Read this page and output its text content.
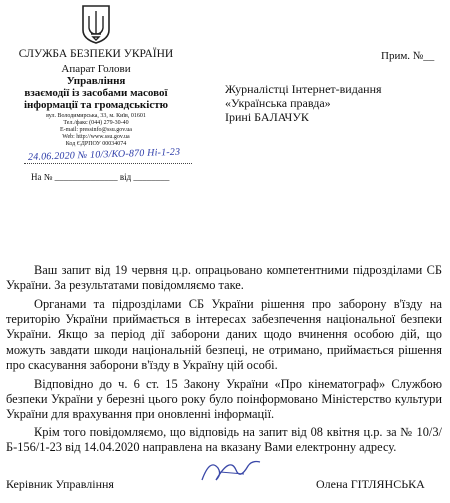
СЛУЖБА БЕЗПЕКИ УКРАЇНИ
Апарат Голови
Управління
взаємодії із засобами масової
інформації та громадськістю
вул. Володимирська, 33, м. Київ, 01601
Тел./факс (044) 279-30-40
E-mail: pressinfo@ssu.gov.ua
Web: http://www.ssu.gov.ua
Код ЄДРПОУ 00034074
24.06.2020 № 10/3/КО-870 Ні-1-23
На № ______________ від ________
Прим. №__
Журналістці Інтернет-видання
«Українська правда»
Ірині БАЛАЧУК
Ваш запит від 19 червня ц.р. опрацьовано компетентними підрозділами СБ України. За результатами повідомляємо таке.
Органами та підрозділами СБ України рішення про заборону в'їзду на територію України приймається в інтересах забезпечення національної безпеки України. Якщо за період дії заборони даних щодо вчинення особою дій, що можуть завдати шкоди національній безпеці, не отримано, приймається рішення про скасування заборони в'їзду в Україну цій особі.
Відповідно до ч. 6 ст. 15 Закону України «Про кінематограф» Службою безпеки України у березні цього року було поінформовано Міністерство культури України для врахування при оновленні інформації.
Крім того повідомляємо, що відповідь на запит від 08 квітня ц.р. за № 10/3/Б-156/1-23 від 14.04.2020 направлена на вказану Вами електронну адресу.
Керівник Управління	Олена ГІТЛЯНСЬКА
